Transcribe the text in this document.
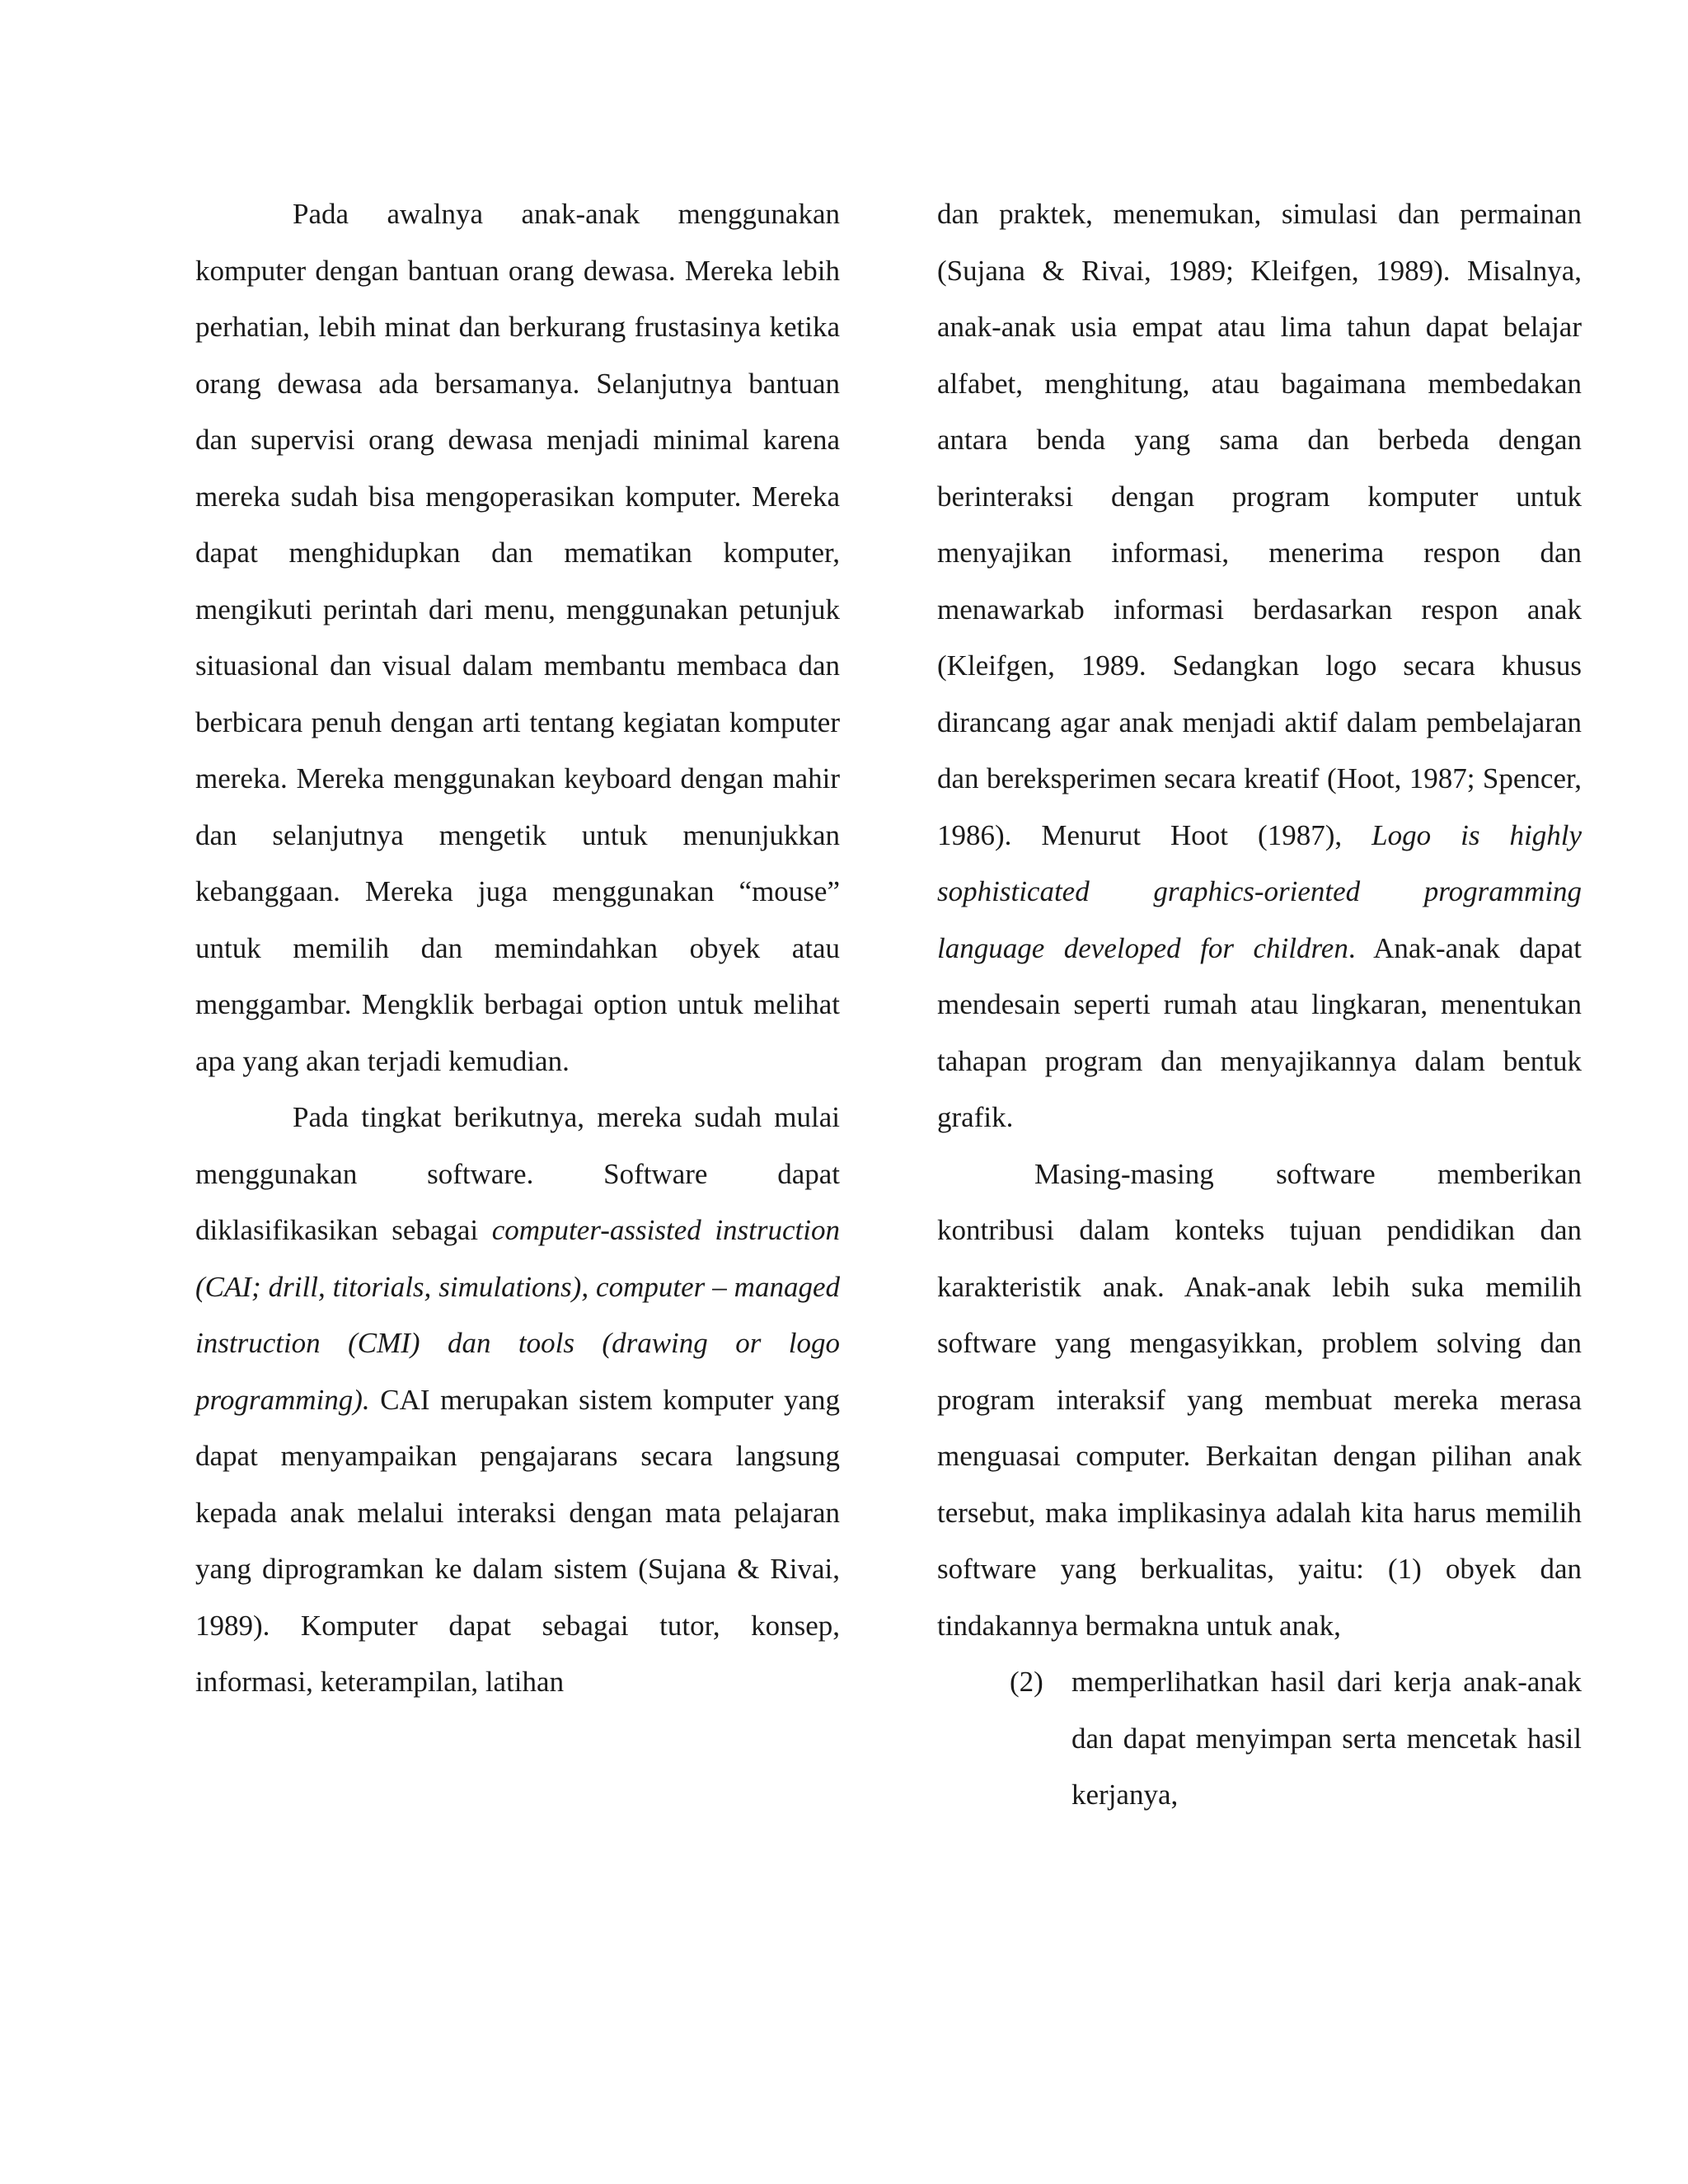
Pada awalnya anak-anak menggunakan komputer dengan bantuan orang dewasa. Mereka lebih perhatian, lebih minat dan berkurang frustasinya ketika orang dewasa ada bersamanya. Selanjutnya bantuan dan supervisi orang dewasa menjadi minimal karena mereka sudah bisa mengoperasikan komputer. Mereka dapat menghidupkan dan mematikan komputer, mengikuti perintah dari menu, menggunakan petunjuk situasional dan visual dalam membantu membaca dan berbicara penuh dengan arti tentang kegiatan komputer mereka. Mereka menggunakan keyboard dengan mahir dan selanjutnya mengetik untuk menunjukkan kebanggaan. Mereka juga menggunakan “mouse” untuk memilih dan memindahkan obyek atau menggambar. Mengklik berbagai option untuk melihat apa yang akan terjadi kemudian.

Pada tingkat berikutnya, mereka sudah mulai menggunakan software. Software dapat diklasifikasikan sebagai computer-assisted instruction (CAI; drill, titorials, simulations), computer – managed instruction (CMI) dan tools (drawing or logo programming). CAI merupakan sistem komputer yang dapat menyampaikan pengajarans secara langsung kepada anak melalui interaksi dengan mata pelajaran yang diprogramkan ke dalam sistem (Sujana & Rivai, 1989). Komputer dapat sebagai tutor, konsep, informasi, keterampilan, latihan

dan praktek, menemukan, simulasi dan permainan (Sujana & Rivai, 1989; Kleifgen, 1989). Misalnya, anak-anak usia empat atau lima tahun dapat belajar alfabet, menghitung, atau bagaimana membedakan antara benda yang sama dan berbeda dengan berinteraksi dengan program komputer untuk menyajikan informasi, menerima respon dan menawarkab informasi berdasarkan respon anak (Kleifgen, 1989. Sedangkan logo secara khusus dirancang agar anak menjadi aktif dalam pembelajaran dan bereksperimen secara kreatif (Hoot, 1987; Spencer, 1986). Menurut Hoot (1987), Logo is highly sophisticated graphics-oriented programming language developed for children. Anak-anak dapat mendesain seperti rumah atau lingkaran, menentukan tahapan program dan menyajikannya dalam bentuk grafik.

Masing-masing software memberikan kontribusi dalam konteks tujuan pendidikan dan karakteristik anak. Anak-anak lebih suka memilih software yang mengasyikkan, problem solving dan program interaksif yang membuat mereka merasa menguasai computer. Berkaitan dengan pilihan anak tersebut, maka implikasinya adalah kita harus memilih software yang berkualitas, yaitu: (1) obyek dan tindakannya bermakna untuk anak,

(2) memperlihatkan hasil dari kerja anak-anak dan dapat menyimpan serta mencetak hasil kerjanya,
